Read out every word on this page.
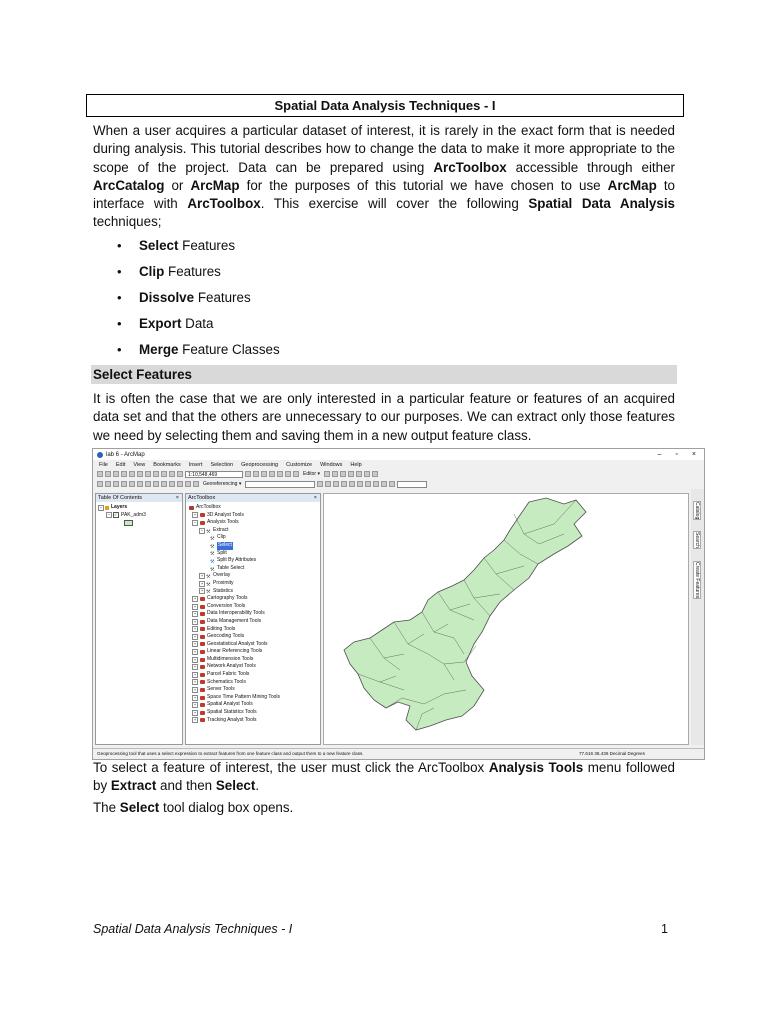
Spatial Data Analysis Techniques - I
When a user acquires a particular dataset of interest, it is rarely in the exact form that is needed during analysis. This tutorial describes how to change the data to make it more appropriate to the scope of the project. Data can be prepared using ArcToolbox accessible through either ArcCatalog or ArcMap for the purposes of this tutorial we have chosen to use ArcMap to interface with ArcToolbox. This exercise will cover the following Spatial Data Analysis techniques;
• Select Features
• Clip Features
• Dissolve Features
• Export Data
• Merge Feature Classes
Select Features
It is often the case that we are only interested in a particular feature or features of an acquired data set and that the others are unnecessary to our purposes. We can extract only those features we need by selecting them and saving them in a new output feature class.
lab 6 - ArcMap	– ▫ ×
File Edit View Bookmarks Insert Selection Geoprocessing Customize Windows Help
1:10,548,469	Editor ▾
Georeferencing ▾
Table Of Contents	×
−	Layers
− ✓ PAK_adm3
ArcToolbox	×
ArcToolbox
+	3D Analyst Tools
−	Analysis Tools
− ⚒ Extract
⚒ Clip
⚒ Select
⚒ Split
⚒ Split By Attributes
⚒ Table Select
+ ⚒ Overlay
+ ⚒ Proximity
+ ⚒ Statistics
+	Cartography Tools
+	Conversion Tools
+	Data Interoperability Tools
+	Data Management Tools
+	Editing Tools
+	Geocoding Tools
+	Geostatistical Analyst Tools
+	Linear Referencing Tools
+	Multidimension Tools
+	Network Analyst Tools
+	Parcel Fabric Tools
+	Schematics Tools
+	Server Tools
+	Space Time Pattern Mining Tools
+	Spatial Analyst Tools
+	Spatial Statistics Tools
+	Tracking Analyst Tools
Catalog
Search
Create Features
Geoprocessing tool that uses a select expression to extract features from one feature class and output them to a new feature class.	77.616 36.436 Decimal Degrees
To select a feature of interest, the user must click the ArcToolbox Analysis Tools menu followed by Extract and then Select.
The Select tool dialog box opens.
Spatial Data Analysis Techniques - I	1
